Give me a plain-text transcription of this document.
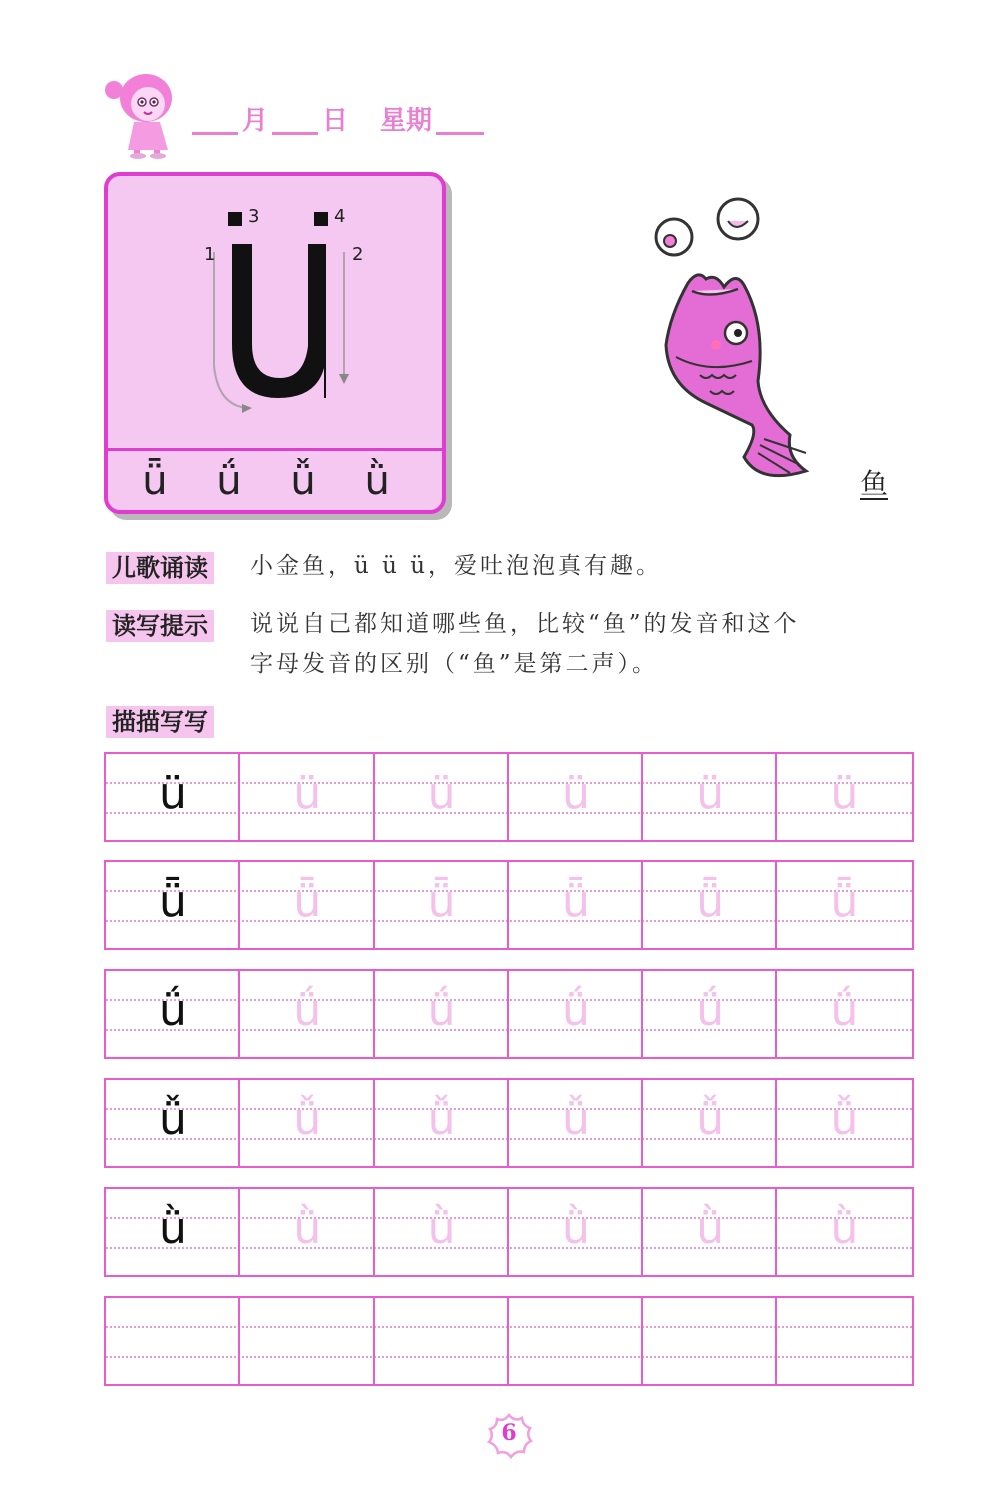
月 日 星期
1	2
3	4
ǖ ǘ ǚ ǜ	鱼
儿歌诵读 小金鱼，ü ü ü，爱吐泡泡真有趣。
读写提示 说说自己都知道哪些鱼，比较“鱼”的发音和这个
字母发音的区别（“鱼”是第二声）。
描描写写
ü	ü	ü	ü	ü	ü
ǖ	ǖ	ǖ	ǖ	ǖ	ǖ
ǘ	ǘ	ǘ	ǘ	ǘ	ǘ
ǚ	ǚ	ǚ	ǚ	ǚ	ǚ
ǜ	ǜ	ǜ	ǜ	ǜ	ǜ
6
